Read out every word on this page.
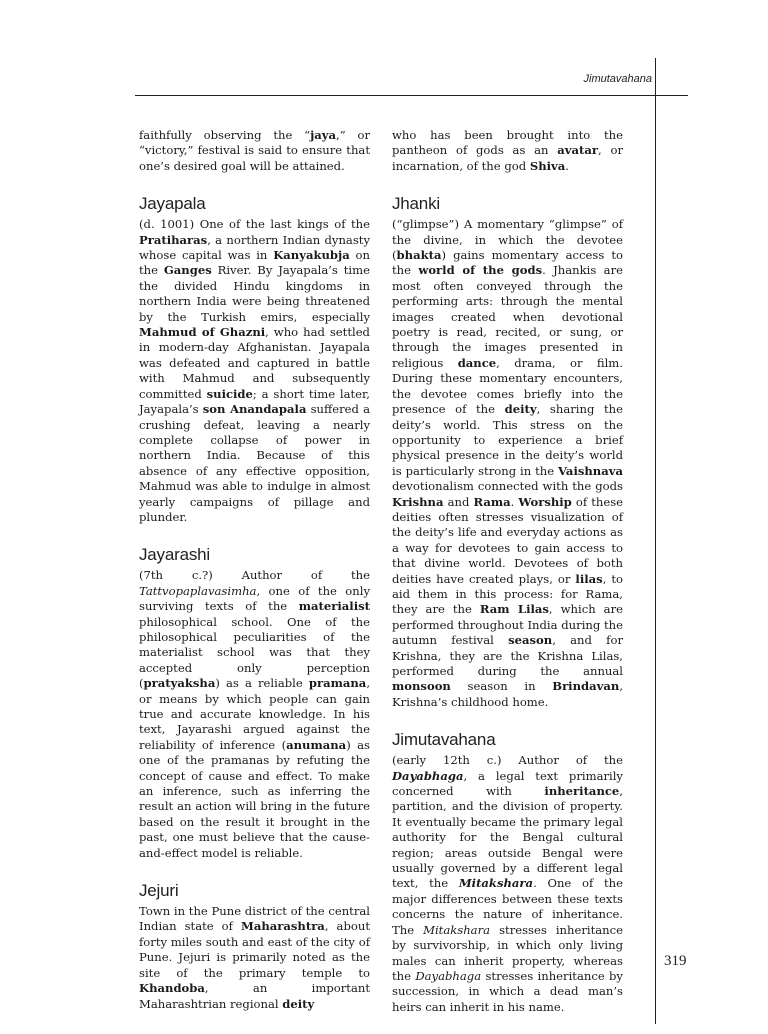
Jimutavahana
319

faithfully observing the “jaya,” or “victory,” festival is said to ensure that one’s desired goal will be attained.

Jayapala

(d. 1001) One of the last kings of the Pratiharas, a northern Indian dynasty whose capital was in Kanyakubja on the Ganges River. By Jayapala’s time the divided Hindu kingdoms in northern India were being threatened by the Turkish emirs, especially Mahmud of Ghazni, who had settled in modern-day Afghanistan. Jayapala was defeated and captured in battle with Mahmud and subsequently committed suicide; a short time later, Jayapala’s son Anandapala suffered a crushing defeat, leaving a nearly complete collapse of power in northern India. Because of this absence of any effective opposition, Mahmud was able to indulge in almost yearly campaigns of pillage and plunder.

Jayarashi

(7th c.?) Author of the Tattvopaplavasimha, one of the only surviving texts of the materialist philosophical school. One of the philosophical peculiarities of the materialist school was that they accepted only perception (pratyaksha) as a reliable pramana, or means by which people can gain true and accurate knowledge. In his text, Jayarashi argued against the reliability of inference (anumana) as one of the pramanas by refuting the concept of cause and effect. To make an inference, such as inferring the result an action will bring in the future based on the result it brought in the past, one must believe that the cause-and-effect model is reliable.

Jejuri

Town in the Pune district of the central Indian state of Maharashtra, about forty miles south and east of the city of Pune. Jejuri is primarily noted as the site of the primary temple to Khandoba, an important Maharashtrian regional deity

who has been brought into the pantheon of gods as an avatar, or incarnation, of the god Shiva.

Jhanki

(“glimpse”) A momentary “glimpse” of the divine, in which the devotee (bhakta) gains momentary access to the world of the gods. Jhankis are most often conveyed through the performing arts: through the mental images created when devotional poetry is read, recited, or sung, or through the images presented in religious dance, drama, or film. During these momentary encounters, the devotee comes briefly into the presence of the deity, sharing the deity’s world. This stress on the opportunity to experience a brief physical presence in the deity’s world is particularly strong in the Vaishnava devotionalism connected with the gods Krishna and Rama. Worship of these deities often stresses visualization of the deity’s life and everyday actions as a way for devotees to gain access to that divine world. Devotees of both deities have created plays, or lilas, to aid them in this process: for Rama, they are the Ram Lilas, which are performed throughout India during the autumn festival season, and for Krishna, they are the Krishna Lilas, performed during the annual monsoon season in Brindavan, Krishna’s childhood home.

Jimutavahana

(early 12th c.) Author of the Dayabhaga, a legal text primarily concerned with inheritance, partition, and the division of property. It eventually became the primary legal authority for the Bengal cultural region; areas outside Bengal were usually governed by a different legal text, the Mitakshara. One of the major differences between these texts concerns the nature of inheritance. The Mitakshara stresses inheritance by survivorship, in which only living males can inherit property, whereas the Dayabhaga stresses inheritance by succession, in which a dead man’s heirs can inherit in his name.
